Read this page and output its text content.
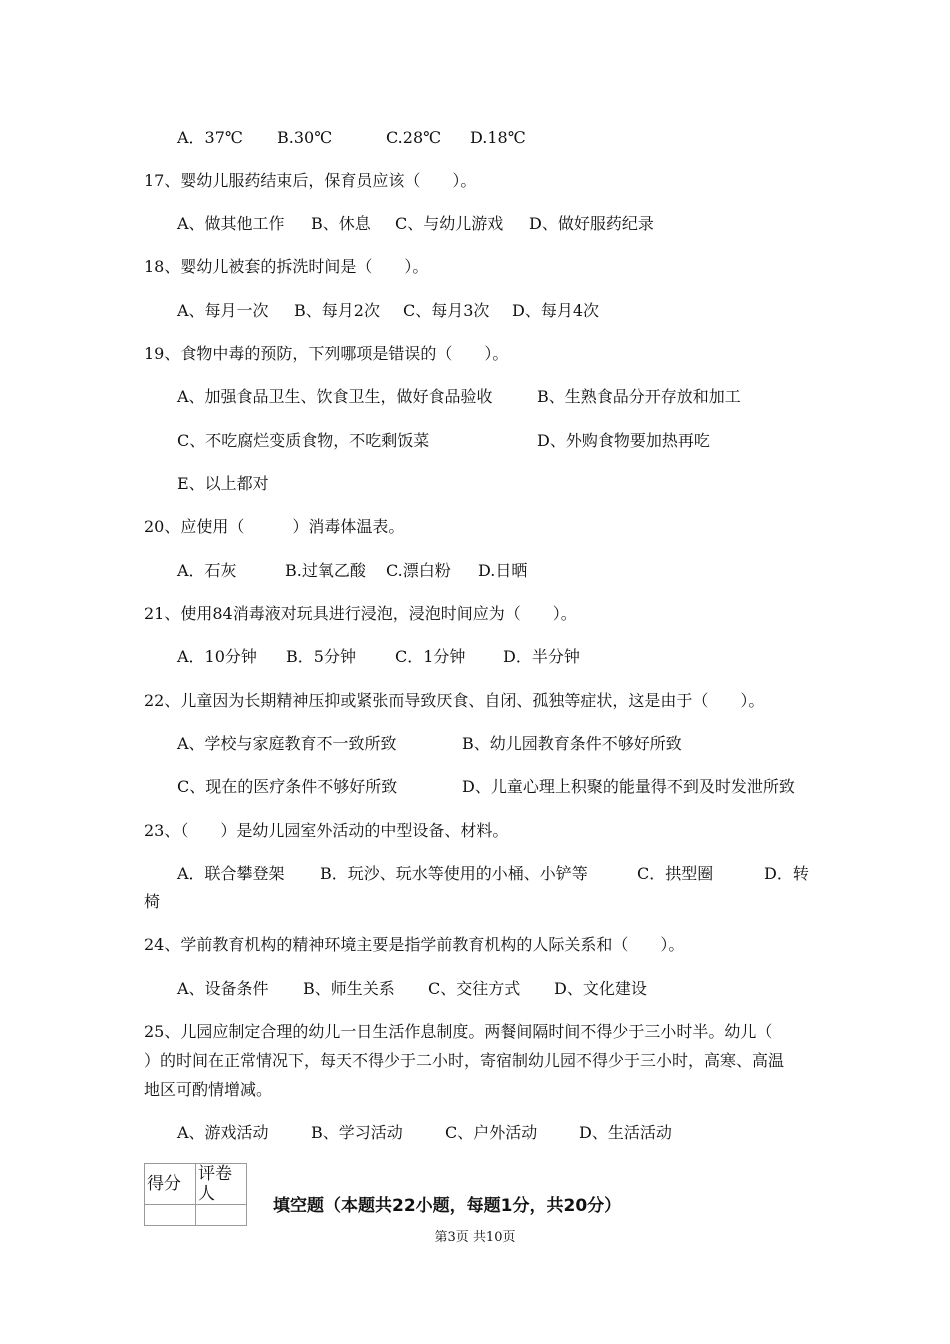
A．37℃ B.30℃	C.28℃ D.18℃
17、婴幼儿服药结束后，保育员应该（　　）。
A、做其他工作 B、休息 C、与幼儿游戏 D、做好服药纪录
18、婴幼儿被套的拆洗时间是（　　）。
A、每月一次 B、每月2次 C、每月3次 D、每月4次
19、食物中毒的预防，下列哪项是错误的（　　）。
A、加强食品卫生、饮食卫生，做好食品验收	B、生熟食品分开存放和加工
C、不吃腐烂变质食物，不吃剩饭菜	D、外购食物要加热再吃
E、以上都对
20、应使用（　　　）消毒体温表。
A．石灰	B.过氧乙酸 C.漂白粉 D.日晒
21、使用84消毒液对玩具进行浸泡，浸泡时间应为（　　）。
A．10分钟 B．5分钟 C．1分钟 D．半分钟
22、儿童因为长期精神压抑或紧张而导致厌食、自闭、孤独等症状，这是由于（　　）。
A、学校与家庭教育不一致所致	B、幼儿园教育条件不够好所致
C、现在的医疗条件不够好所致	D、儿童心理上积聚的能量得不到及时发泄所致
23、（　　）是幼儿园室外活动的中型设备、材料。
A．联合攀登架 B．玩沙、玩水等使用的小桶、小铲等	C．拱型圈	D．转
椅
24、学前教育机构的精神环境主要是指学前教育机构的人际关系和（　　）。
A、设备条件 B、师生关系 C、交往方式 D、文化建设
25、儿园应制定合理的幼儿一日生活作息制度。两餐间隔时间不得少于三小时半。幼儿（
）的时间在正常情况下，每天不得少于二小时，寄宿制幼儿园不得少于三小时，高寒、高温
地区可酌情增减。
A、游戏活动	B、学习活动	C、户外活动	D、生活活动
得分	评卷人

填空题（本题共22小题，每题1分，共20分）
第3页 共10页
